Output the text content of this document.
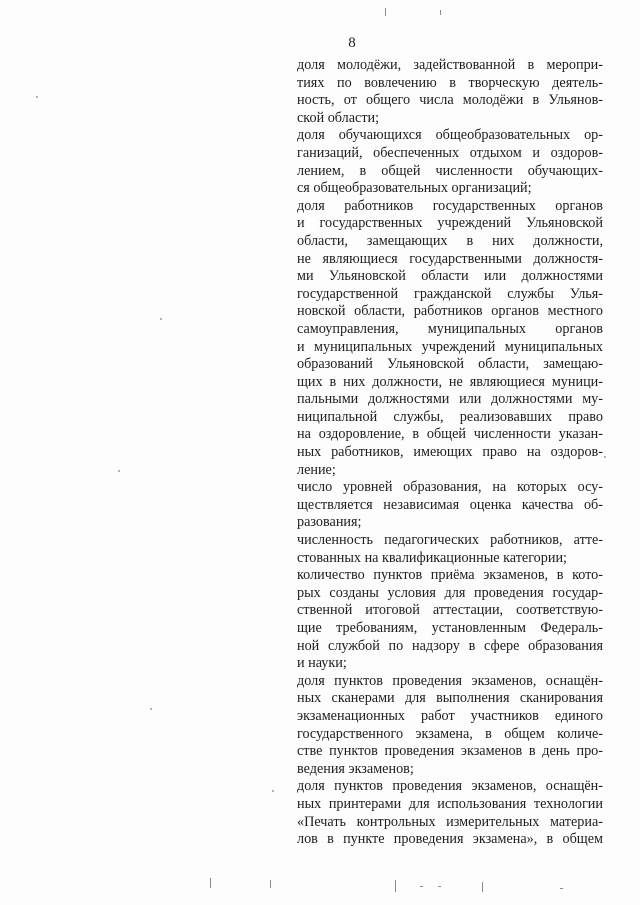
8
доля молодёжи, задействованной в меропри-
тиях по вовлечению в творческую деятель-
ность, от общего числа молодёжи в Ульянов-
ской области;
доля обучающихся общеобразовательных ор-
ганизаций, обеспеченных отдыхом и оздоров-
лением, в общей численности обучающих-
ся общеобразовательных организаций;
доля работников государственных органов
и государственных учреждений Ульяновской
области, замещающих в них должности,
не являющиеся государственными должностя-
ми Ульяновской области или должностями
государственной гражданской службы Улья-
новской области, работников органов местного
самоуправления, муниципальных органов
и муниципальных учреждений муниципальных
образований Ульяновской области, замещаю-
щих в них должности, не являющиеся муници-
пальными должностями или должностями му-
ниципальной службы, реализовавших право
на оздоровление, в общей численности указан-
ных работников, имеющих право на оздоров-
ление;
число уровней образования, на которых осу-
ществляется независимая оценка качества об-
разования;
численность педагогических работников, атте-
стованных на квалификационные категории;
количество пунктов приёма экзаменов, в кото-
рых созданы условия для проведения государ-
ственной итоговой аттестации, соответствую-
щие требованиям, установленным Федераль-
ной службой по надзору в сфере образования
и науки;
доля пунктов проведения экзаменов, оснащён-
ных сканерами для выполнения сканирования
экзаменационных работ участников единого
государственного экзамена, в общем количе-
стве пунктов проведения экзаменов в день про-
ведения экзаменов;
доля пунктов проведения экзаменов, оснащён-
ных принтерами для использования технологии
«Печать контрольных измерительных материа-
лов в пункте проведения экзамена», в общем
